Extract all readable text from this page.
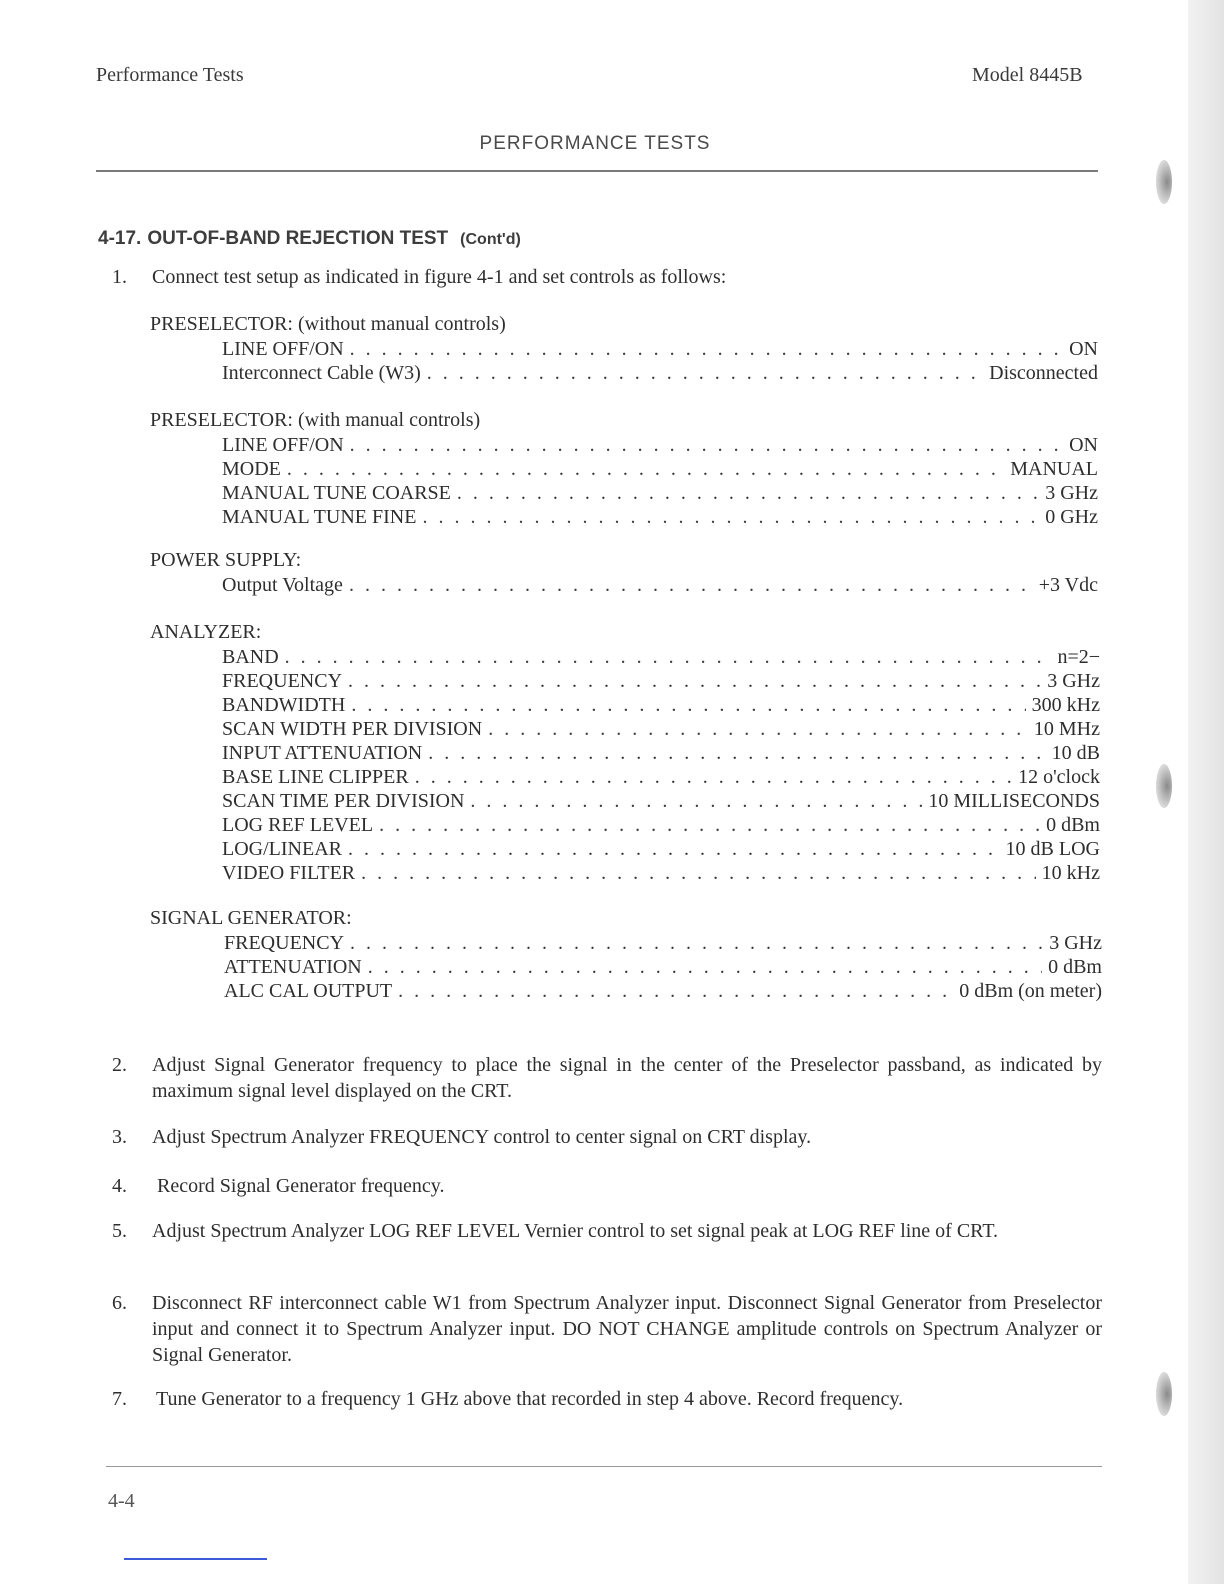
Performance Tests	Model 8445B
PERFORMANCE TESTS
4-17. OUT-OF-BAND REJECTION TEST (Cont'd)
1. Connect test setup as indicated in figure 4-1 and set controls as follows:
PRESELECTOR: (without manual controls)
LINE OFF/ON . . .	ON
Interconnect Cable (W3) . . .	Disconnected
PRESELECTOR: (with manual controls)
LINE OFF/ON . . .	ON
MODE . . .	MANUAL
MANUAL TUNE COARSE . . .	3 GHz
MANUAL TUNE FINE . . .	0 GHz
POWER SUPPLY:
Output Voltage . . .	+3 Vdc
ANALYZER:
BAND . . .	n=2−
FREQUENCY . . .	3 GHz
BANDWIDTH . . .	300 kHz
SCAN WIDTH PER DIVISION . . .	10 MHz
INPUT ATTENUATION . . .	10 dB
BASE LINE CLIPPER . . .	12 o'clock
SCAN TIME PER DIVISION . . .	10 MILLISECONDS
LOG REF LEVEL . . .	0 dBm
LOG/LINEAR . . .	10 dB LOG
VIDEO FILTER . . .	10 kHz
SIGNAL GENERATOR:
FREQUENCY . . .	3 GHz
ATTENUATION . . .	0 dBm
ALC CAL OUTPUT . . .	0 dBm (on meter)
2. Adjust Signal Generator frequency to place the signal in the center of the Preselector passband, as indicated by maximum signal level displayed on the CRT.
3. Adjust Spectrum Analyzer FREQUENCY control to center signal on CRT display.
4. Record Signal Generator frequency.
5. Adjust Spectrum Analyzer LOG REF LEVEL Vernier control to set signal peak at LOG REF line of CRT.
6. Disconnect RF interconnect cable W1 from Spectrum Analyzer input. Disconnect Signal Generator from Preselector input and connect it to Spectrum Analyzer input. DO NOT CHANGE amplitude controls on Spectrum Analyzer or Signal Generator.
7. Tune Generator to a frequency 1 GHz above that recorded in step 4 above. Record frequency.
4-4
